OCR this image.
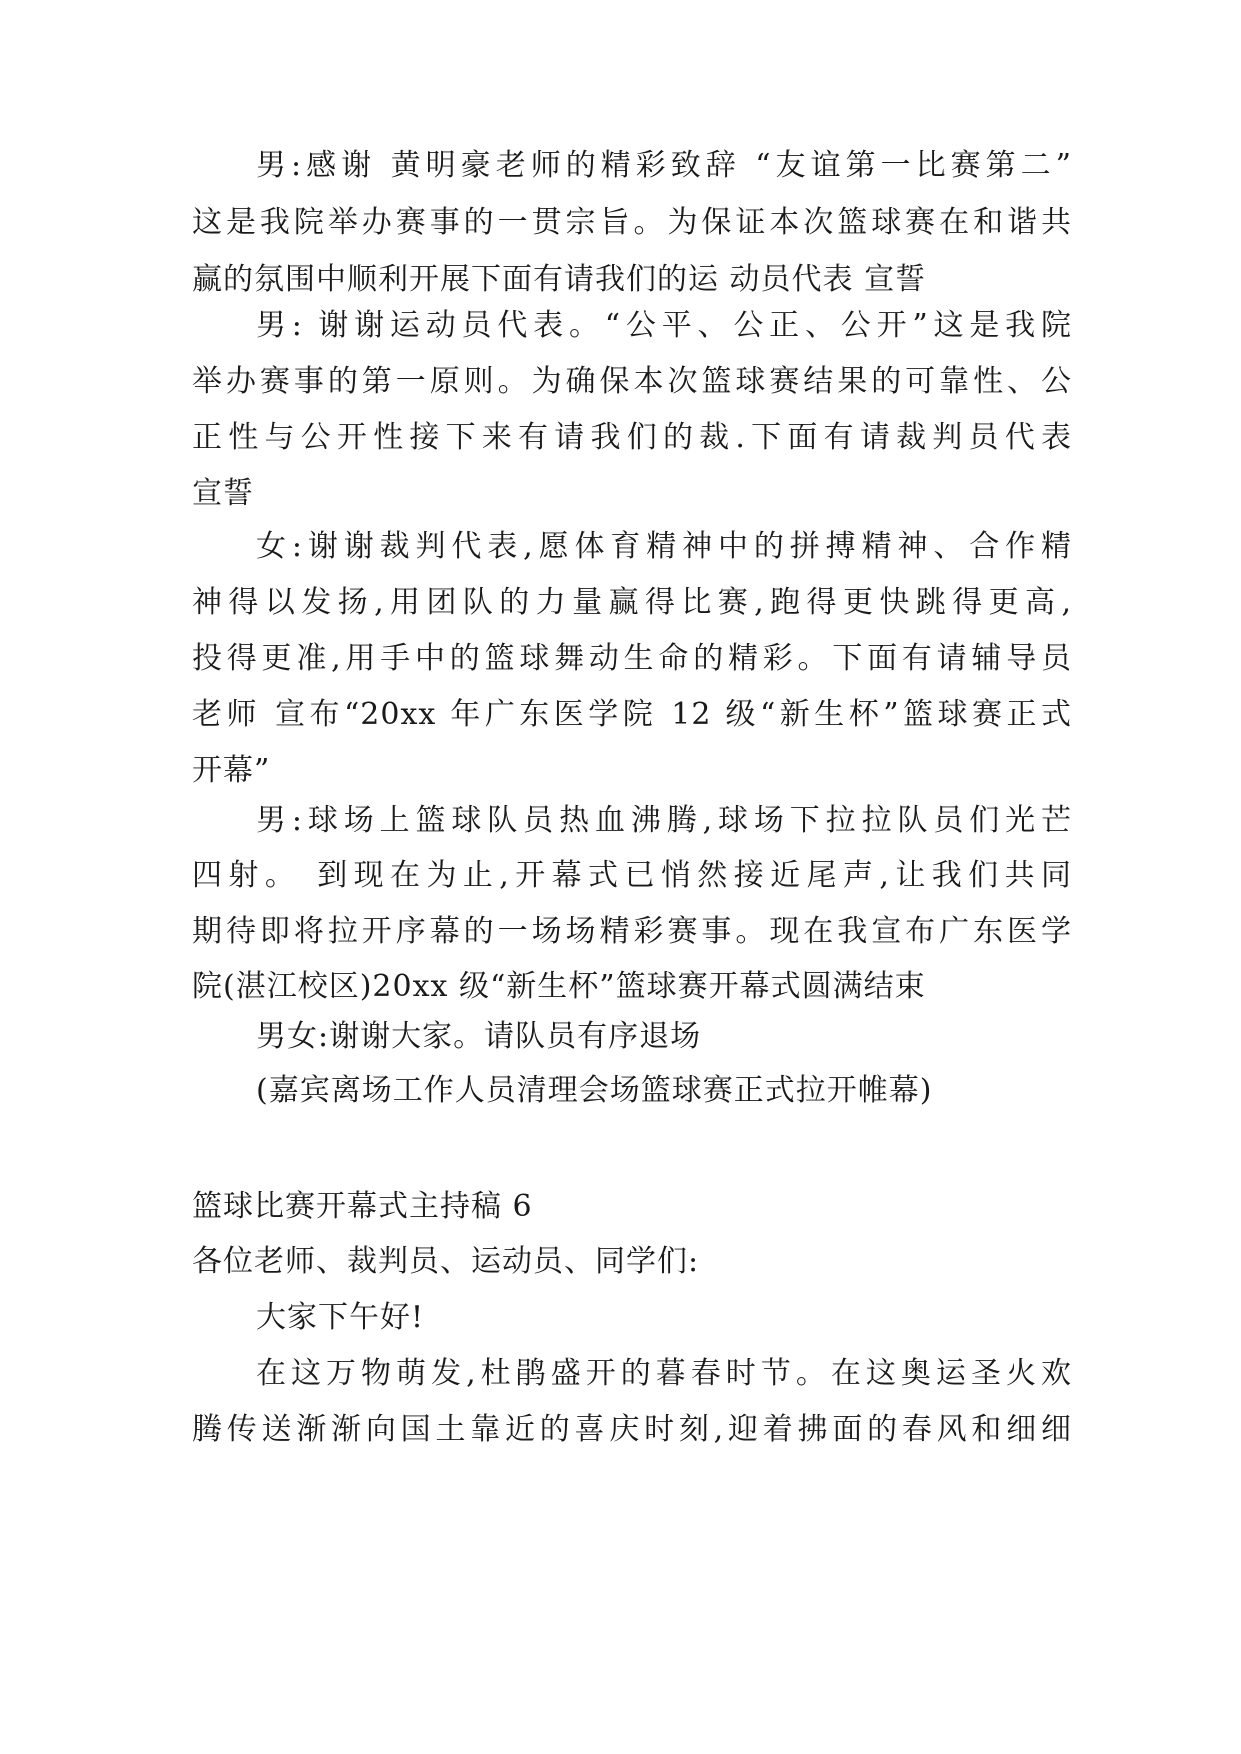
男:感谢 黄明豪老师的精彩致辞 “友谊第一比赛第二”
这是我院举办赛事的一贯宗旨。为保证本次篮球赛在和谐共
赢的氛围中顺利开展下面有请我们的运 动员代表 宣誓
男: 谢谢运动员代表。“公平、公正、公开”这是我院
举办赛事的第一原则。为确保本次篮球赛结果的可靠性、公
正性与公开性接下来有请我们的裁.下面有请裁判员代表
宣誓
女:谢谢裁判代表,愿体育精神中的拼搏精神、合作精
神得以发扬,用团队的力量赢得比赛,跑得更快跳得更高,
投得更准,用手中的篮球舞动生命的精彩。下面有请辅导员
老师 宣布“20xx 年广东医学院 12 级“新生杯”篮球赛正式
开幕”
男:球场上篮球队员热血沸腾,球场下拉拉队员们光芒
四射。 到现在为止,开幕式已悄然接近尾声,让我们共同
期待即将拉开序幕的一场场精彩赛事。现在我宣布广东医学
院(湛江校区)20xx 级“新生杯”篮球赛开幕式圆满结束
男女:谢谢大家。请队员有序退场
(嘉宾离场工作人员清理会场篮球赛正式拉开帷幕)
篮球比赛开幕式主持稿 6
各位老师、裁判员、运动员、同学们:
大家下午好!
在这万物萌发,杜鹃盛开的暮春时节。在这奥运圣火欢
腾传送渐渐向国土靠近的喜庆时刻,迎着拂面的春风和细细
